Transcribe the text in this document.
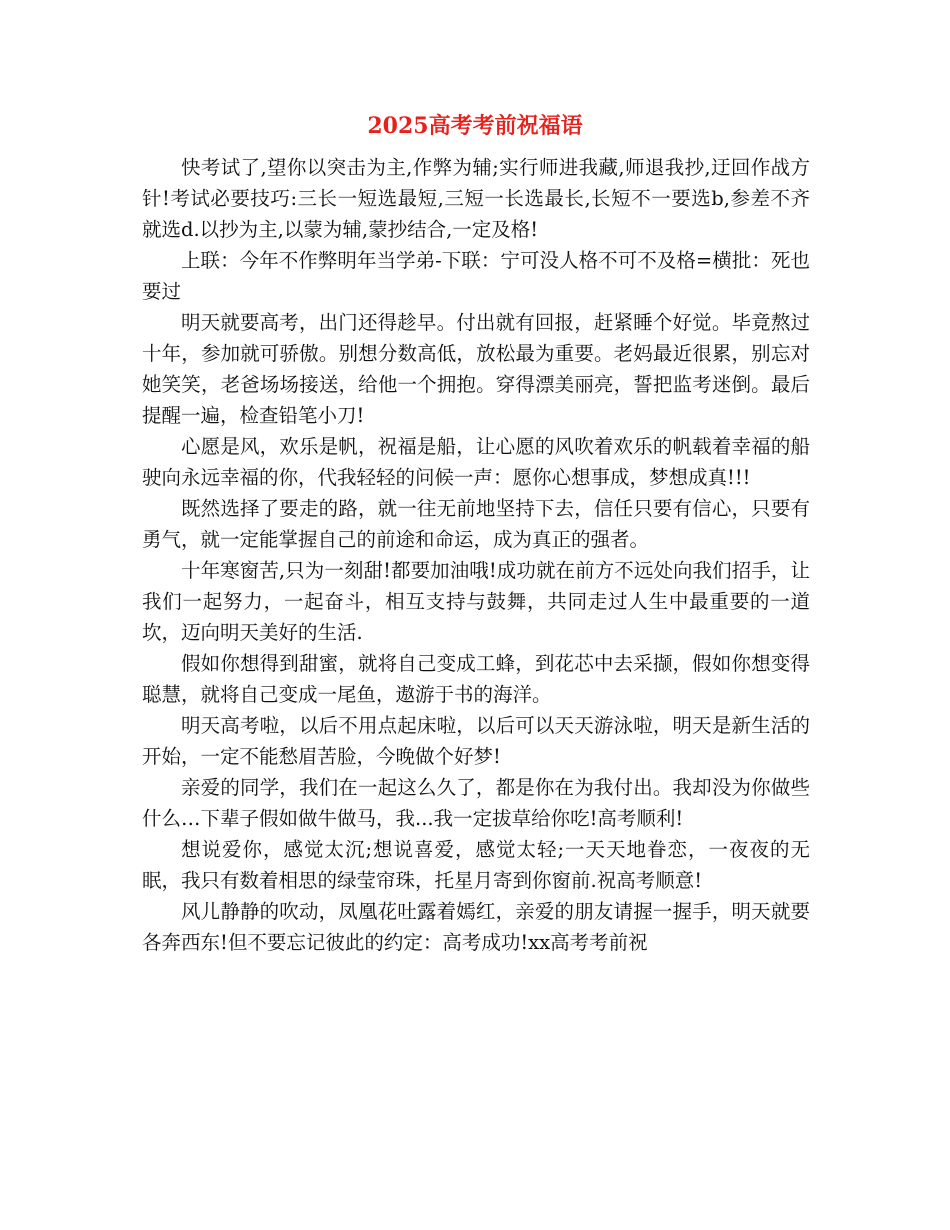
2025高考考前祝福语

快考试了,望你以突击为主,作弊为辅;实行师进我藏,师退我抄,迂回作战方针!考试必要技巧:三长一短选最短,三短一长选最长,长短不一要选b,参差不齐就选d.以抄为主,以蒙为辅,蒙抄结合,一定及格!

上联：今年不作弊明年当学弟-下联：宁可没人格不可不及格=横批：死也要过

明天就要高考，出门还得趁早。付出就有回报，赶紧睡个好觉。毕竟熬过十年，参加就可骄傲。别想分数高低，放松最为重要。老妈最近很累，别忘对她笑笑，老爸场场接送，给他一个拥抱。穿得漂美丽亮，誓把监考迷倒。最后提醒一遍，检查铅笔小刀!

心愿是风，欢乐是帆，祝福是船，让心愿的风吹着欢乐的帆载着幸福的船驶向永远幸福的你，代我轻轻的问候一声：愿你心想事成，梦想成真!!!

既然选择了要走的路，就一往无前地坚持下去，信任只要有信心，只要有勇气，就一定能掌握自己的前途和命运，成为真正的强者。

十年寒窗苦,只为一刻甜!都要加油哦!成功就在前方不远处向我们招手，让我们一起努力，一起奋斗，相互支持与鼓舞，共同走过人生中最重要的一道坎，迈向明天美好的生活.

假如你想得到甜蜜，就将自己变成工蜂，到花芯中去采撷，假如你想变得聪慧，就将自己变成一尾鱼，遨游于书的海洋。

明天高考啦，以后不用点起床啦，以后可以天天游泳啦，明天是新生活的开始，一定不能愁眉苦脸，今晚做个好梦!

亲爱的同学，我们在一起这么久了，都是你在为我付出。我却没为你做些什么…下辈子假如做牛做马，我...我一定拔草给你吃!高考顺利!

想说爱你，感觉太沉;想说喜爱，感觉太轻;一天天地眷恋，一夜夜的无眠，我只有数着相思的绿莹帘珠，托星月寄到你窗前.祝高考顺意!

风儿静静的吹动，凤凰花吐露着嫣红，亲爱的朋友请握一握手，明天就要各奔西东!但不要忘记彼此的约定：高考成功!xx高考考前祝
